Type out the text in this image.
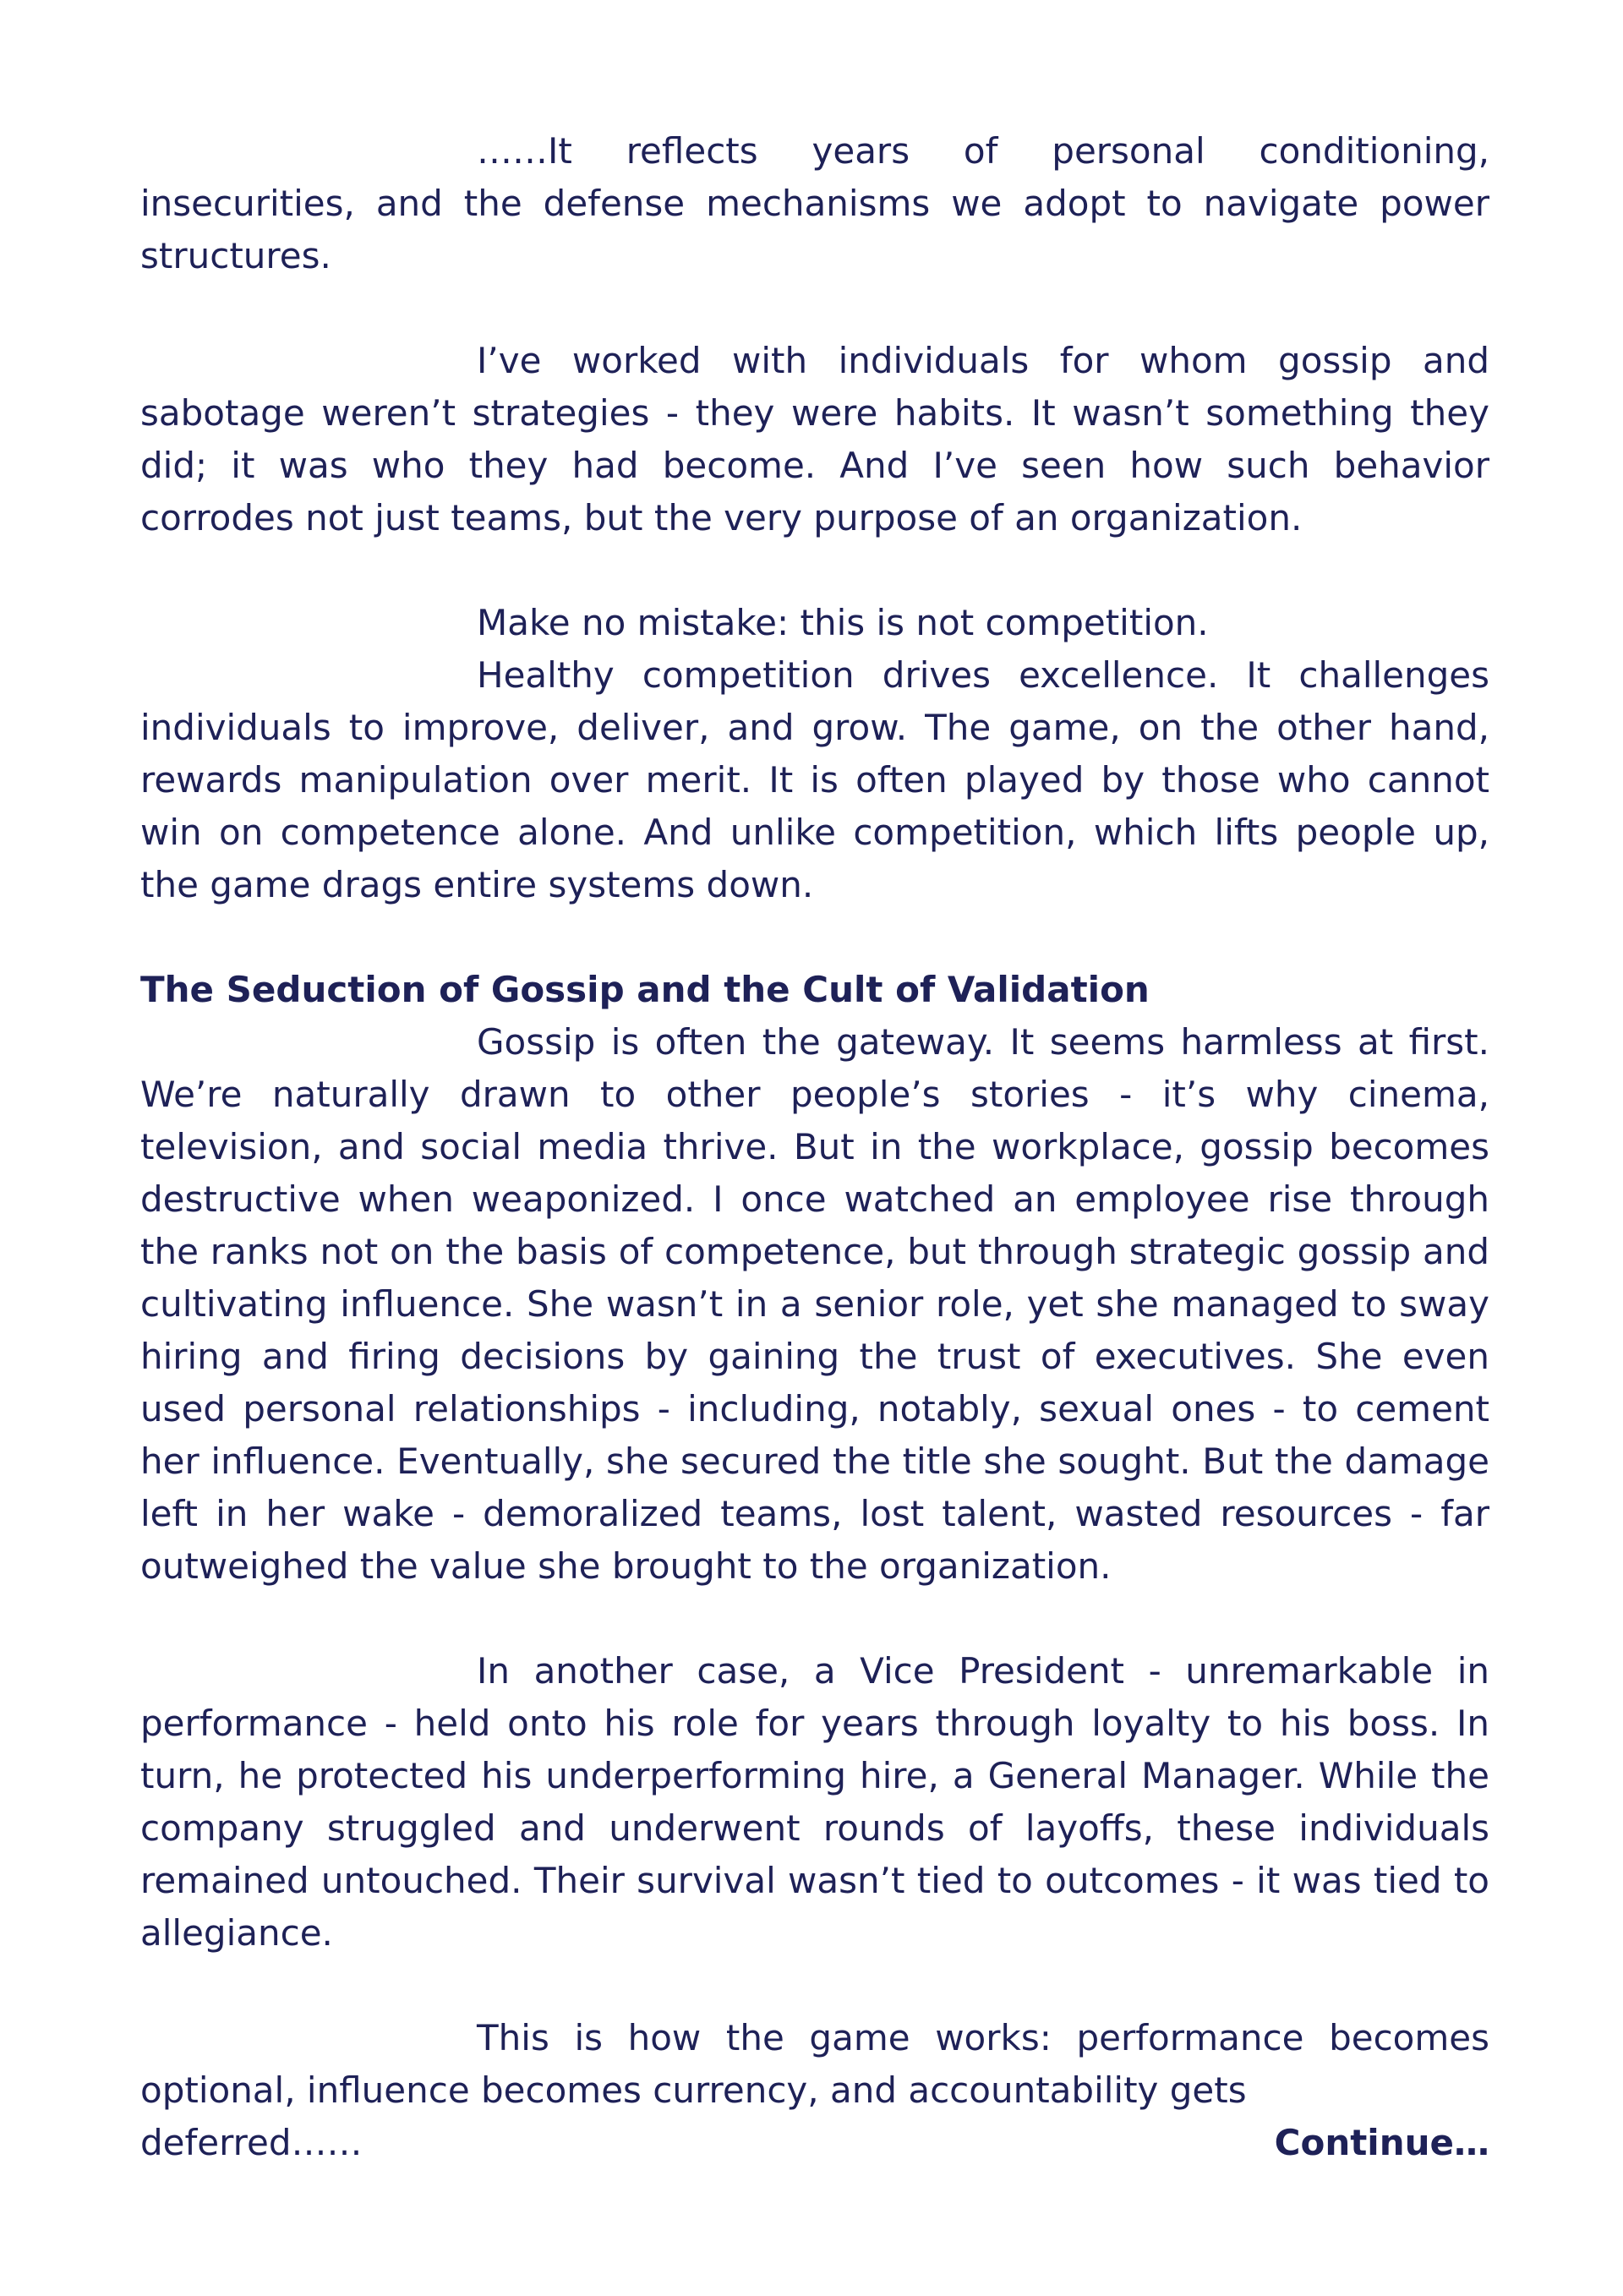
……It reflects years of personal conditioning, insecurities, and the defense mechanisms we adopt to navigate power structures.

I’ve worked with individuals for whom gossip and sabotage weren’t strategies - they were habits. It wasn’t something they did; it was who they had become. And I’ve seen how such behavior corrodes not just teams, but the very purpose of an organization.

Make no mistake: this is not competition.

Healthy competition drives excellence. It challenges individuals to improve, deliver, and grow. The game, on the other hand, rewards manipulation over merit. It is often played by those who cannot win on competence alone. And unlike competition, which lifts people up, the game drags entire systems down.

The Seduction of Gossip and the Cult of Validation

Gossip is often the gateway. It seems harmless at first. We’re naturally drawn to other people’s stories - it’s why cinema, television, and social media thrive. But in the workplace, gossip becomes destructive when weaponized. I once watched an employee rise through the ranks not on the basis of competence, but through strategic gossip and cultivating influence. She wasn’t in a senior role, yet she managed to sway hiring and firing decisions by gaining the trust of executives. She even used personal relationships - including, notably, sexual ones - to cement her influence. Eventually, she secured the title she sought. But the damage left in her wake - demoralized teams, lost talent, wasted resources - far outweighed the value she brought to the organization.

In another case, a Vice President - unremarkable in performance - held onto his role for years through loyalty to his boss. In turn, he protected his underperforming hire, a General Manager. While the company struggled and underwent rounds of layoffs, these individuals remained untouched. Their survival wasn’t tied to outcomes - it was tied to allegiance.

This is how the game works: performance becomes optional, influence becomes currency, and accountability gets

deferred……	Continue…
